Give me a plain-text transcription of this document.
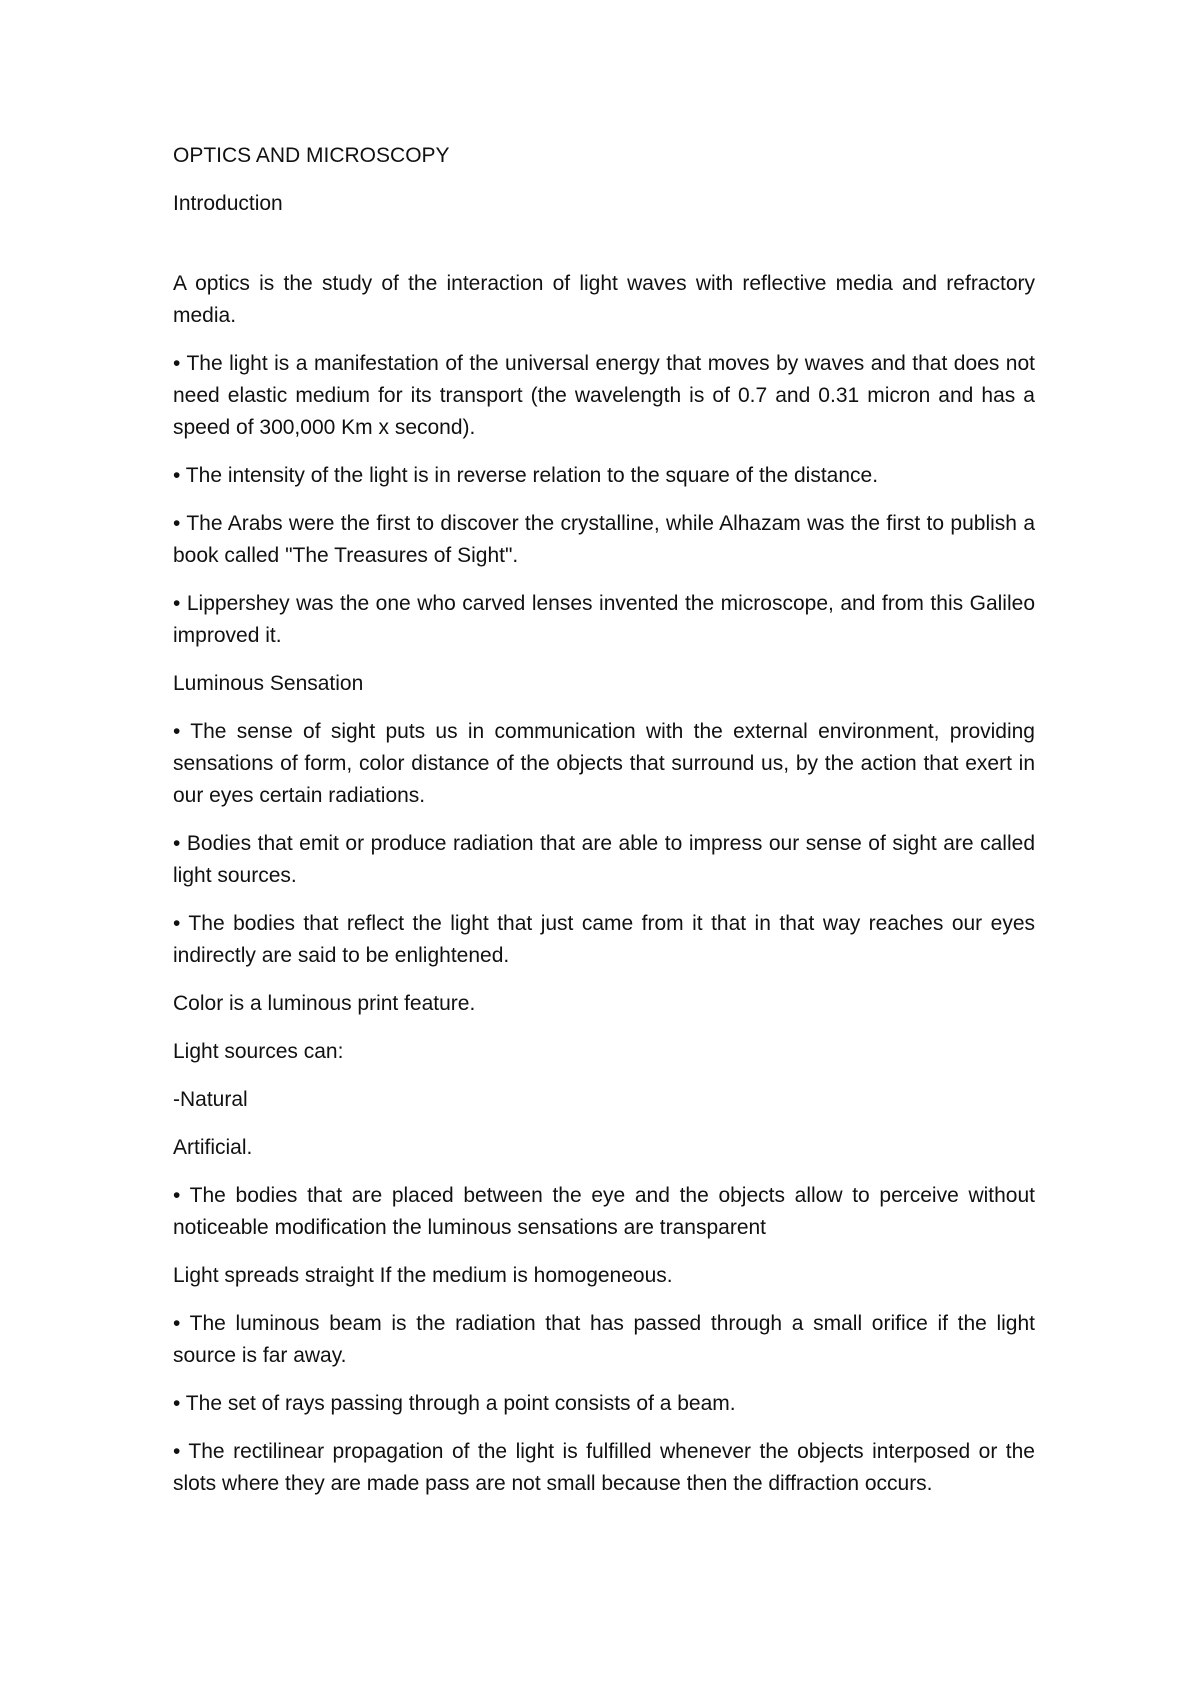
OPTICS AND MICROSCOPY
Introduction

A optics is the study of the interaction of light waves with reflective media and refractory media.

• The light is a manifestation of the universal energy that moves by waves and that does not need elastic medium for its transport (the wavelength is of 0.7 and 0.31 micron and has a speed of 300,000 Km x second).

• The intensity of the light is in reverse relation to the square of the distance.

• The Arabs were the first to discover the crystalline, while Alhazam was the first to publish a book called "The Treasures of Sight".

• Lippershey was the one who carved lenses invented the microscope, and from this Galileo improved it.

Luminous Sensation

• The sense of sight puts us in communication with the external environment, providing sensations of form, color distance of the objects that surround us, by the action that exert in our eyes certain radiations.

• Bodies that emit or produce radiation that are able to impress our sense of sight are called light sources.

• The bodies that reflect the light that just came from it that in that way reaches our eyes indirectly are said to be enlightened.

Color is a luminous print feature.

Light sources can:

-Natural

Artificial.

• The bodies that are placed between the eye and the objects allow to perceive without noticeable modification the luminous sensations are transparent

Light spreads straight If the medium is homogeneous.

• The luminous beam is the radiation that has passed through a small orifice if the light source is far away.

• The set of rays passing through a point consists of a beam.

• The rectilinear propagation of the light is fulfilled whenever the objects interposed or the slots where they are made pass are not small because then the diffraction occurs.
